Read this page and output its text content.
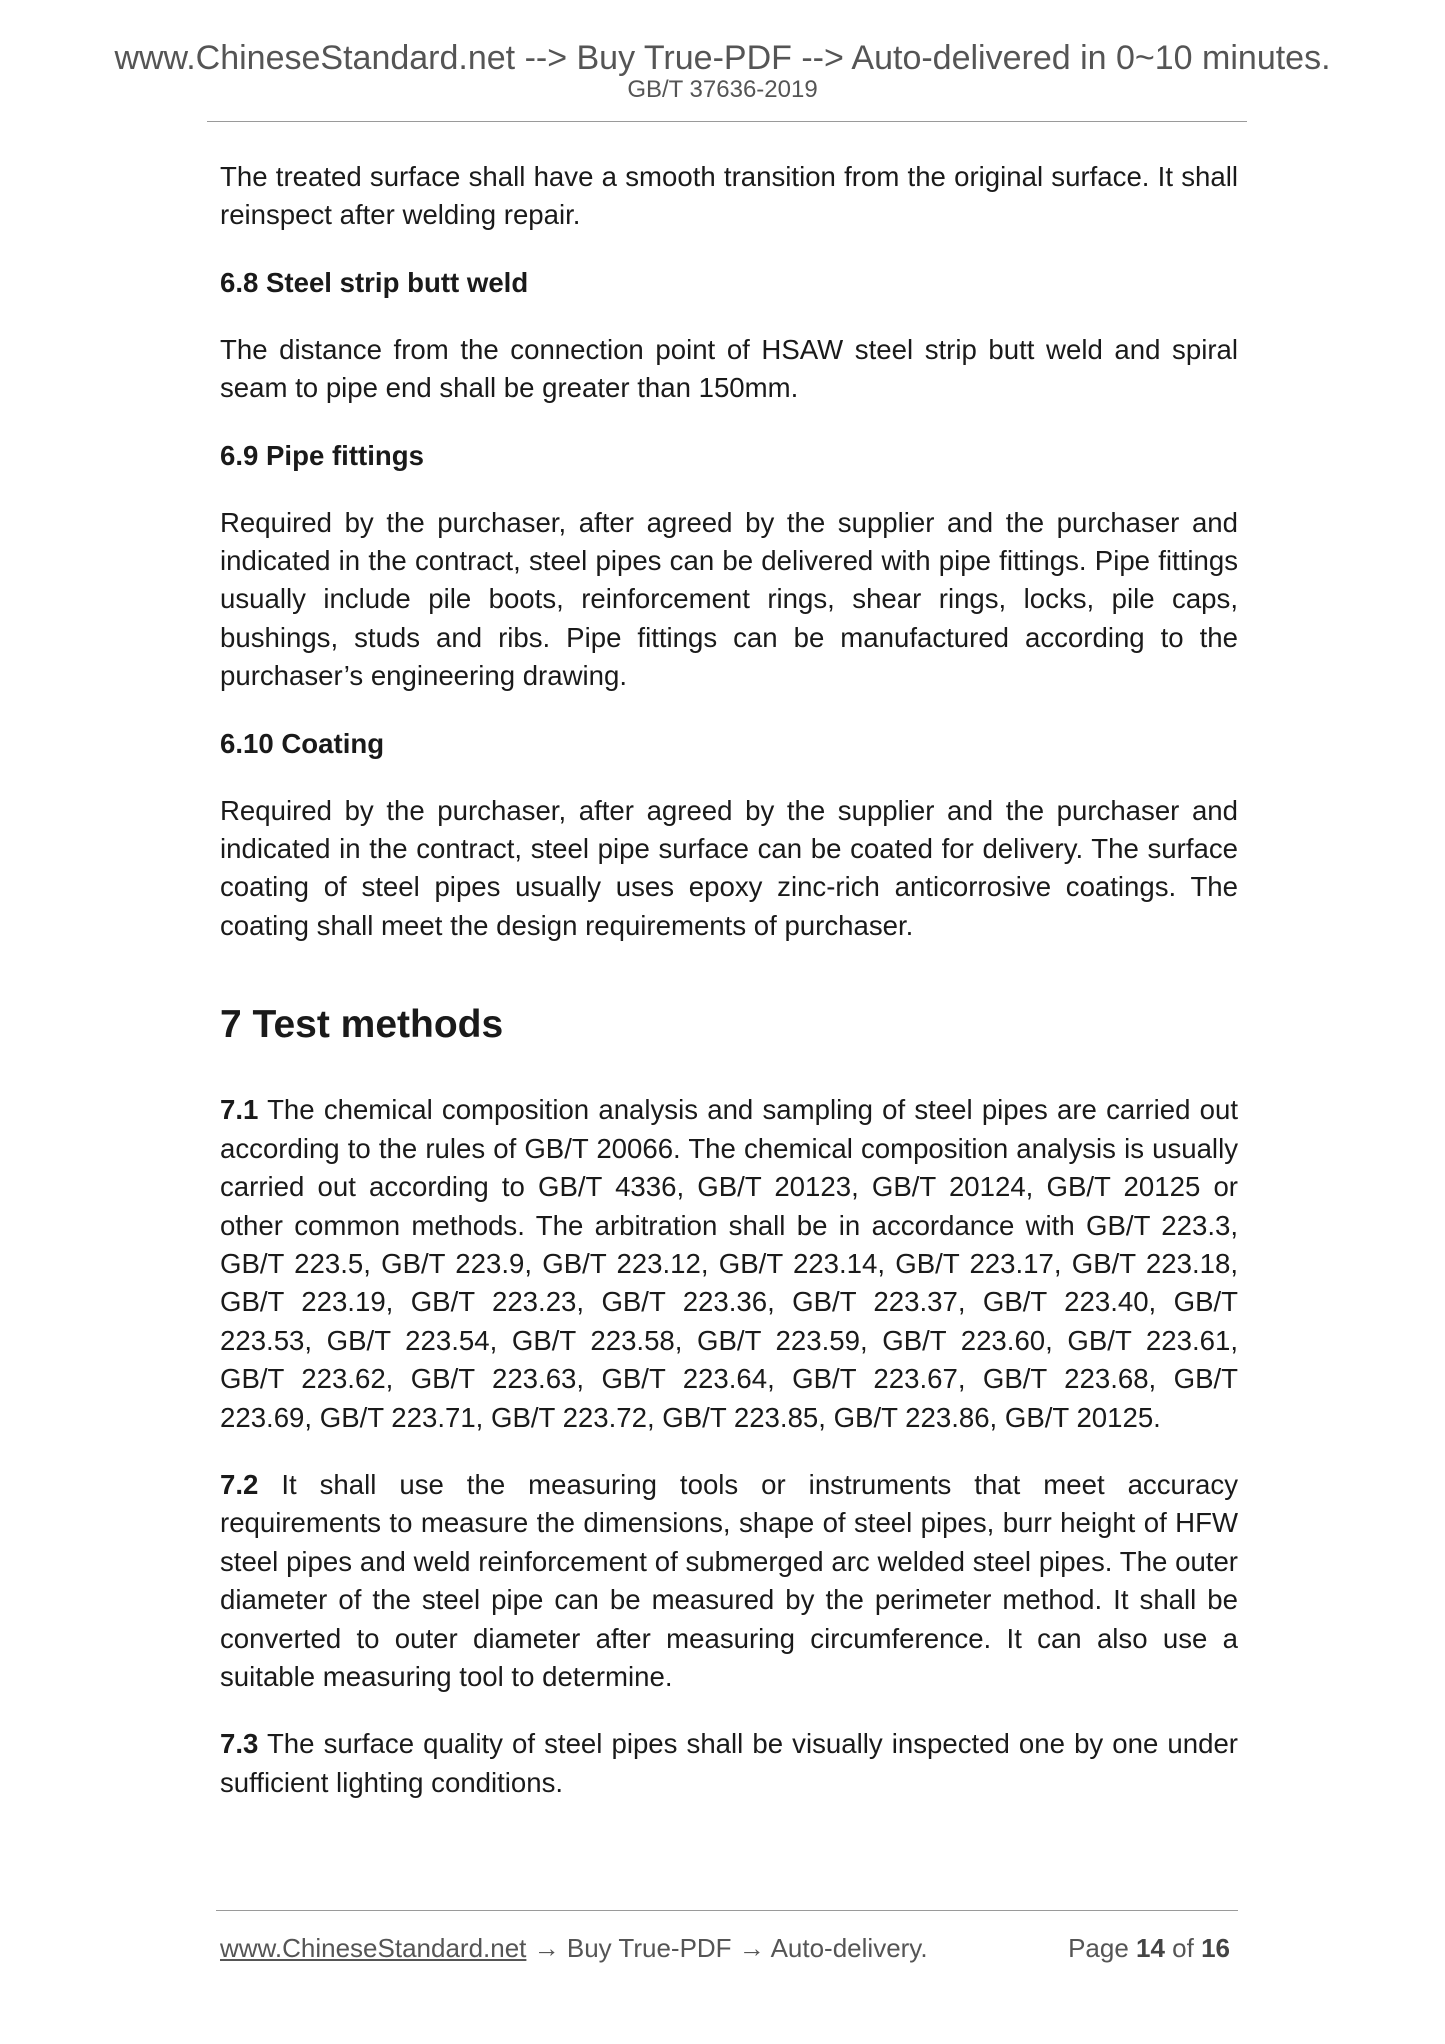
www.ChineseStandard.net --> Buy True-PDF --> Auto-delivered in 0~10 minutes.
GB/T 37636-2019

The treated surface shall have a smooth transition from the original surface. It shall reinspect after welding repair.

6.8 Steel strip butt weld

The distance from the connection point of HSAW steel strip butt weld and spiral seam to pipe end shall be greater than 150mm.

6.9 Pipe fittings

Required by the purchaser, after agreed by the supplier and the purchaser and indicated in the contract, steel pipes can be delivered with pipe fittings. Pipe fittings usually include pile boots, reinforcement rings, shear rings, locks, pile caps, bushings, studs and ribs. Pipe fittings can be manufactured according to the purchaser’s engineering drawing.

6.10 Coating

Required by the purchaser, after agreed by the supplier and the purchaser and indicated in the contract, steel pipe surface can be coated for delivery. The surface coating of steel pipes usually uses epoxy zinc-rich anticorrosive coatings. The coating shall meet the design requirements of purchaser.

7 Test methods

7.1 The chemical composition analysis and sampling of steel pipes are carried out according to the rules of GB/T 20066. The chemical composition analysis is usually carried out according to GB/T 4336, GB/T 20123, GB/T 20124, GB/T 20125 or other common methods. The arbitration shall be in accordance with GB/T 223.3, GB/T 223.5, GB/T 223.9, GB/T 223.12, GB/T 223.14, GB/T 223.17, GB/T 223.18, GB/T 223.19, GB/T 223.23, GB/T 223.36, GB/T 223.37, GB/T 223.40, GB/T 223.53, GB/T 223.54, GB/T 223.58, GB/T 223.59, GB/T 223.60, GB/T 223.61, GB/T 223.62, GB/T 223.63, GB/T 223.64, GB/T 223.67, GB/T 223.68, GB/T 223.69, GB/T 223.71, GB/T 223.72, GB/T 223.85, GB/T 223.86, GB/T 20125.

7.2 It shall use the measuring tools or instruments that meet accuracy requirements to measure the dimensions, shape of steel pipes, burr height of HFW steel pipes and weld reinforcement of submerged arc welded steel pipes. The outer diameter of the steel pipe can be measured by the perimeter method. It shall be converted to outer diameter after measuring circumference. It can also use a suitable measuring tool to determine.

7.3 The surface quality of steel pipes shall be visually inspected one by one under sufficient lighting conditions.

www.ChineseStandard.net → Buy True-PDF → Auto-delivery.	Page 14 of 16
